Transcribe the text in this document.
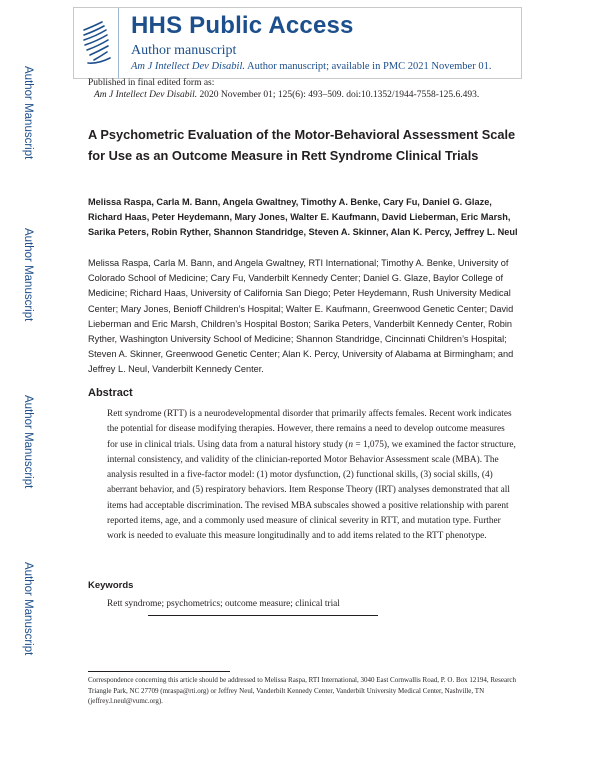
HHS Public Access
Author manuscript
Am J Intellect Dev Disabil. Author manuscript; available in PMC 2021 November 01.
Author Manuscript
Author Manuscript
Author Manuscript
Author Manuscript
Published in final edited form as:
Am J Intellect Dev Disabil. 2020 November 01; 125(6): 493–509. doi:10.1352/1944-7558-125.6.493.
A Psychometric Evaluation of the Motor-Behavioral Assessment Scale for Use as an Outcome Measure in Rett Syndrome Clinical Trials
Melissa Raspa, Carla M. Bann, Angela Gwaltney, Timothy A. Benke, Cary Fu, Daniel G. Glaze, Richard Haas, Peter Heydemann, Mary Jones, Walter E. Kaufmann, David Lieberman, Eric Marsh, Sarika Peters, Robin Ryther, Shannon Standridge, Steven A. Skinner, Alan K. Percy, Jeffrey L. Neul
Melissa Raspa, Carla M. Bann, and Angela Gwaltney, RTI International; Timothy A. Benke, University of Colorado School of Medicine; Cary Fu, Vanderbilt Kennedy Center; Daniel G. Glaze, Baylor College of Medicine; Richard Haas, University of California San Diego; Peter Heydemann, Rush University Medical Center; Mary Jones, Benioff Children’s Hospital; Walter E. Kaufmann, Greenwood Genetic Center; David Lieberman and Eric Marsh, Children’s Hospital Boston; Sarika Peters, Vanderbilt Kennedy Center, Robin Ryther, Washington University School of Medicine; Shannon Standridge, Cincinnati Children’s Hospital; Steven A. Skinner, Greenwood Genetic Center; Alan K. Percy, University of Alabama at Birmingham; and Jeffrey L. Neul, Vanderbilt Kennedy Center.
Abstract
Rett syndrome (RTT) is a neurodevelopmental disorder that primarily affects females. Recent work indicates the potential for disease modifying therapies. However, there remains a need to develop outcome measures for use in clinical trials. Using data from a natural history study (n = 1,075), we examined the factor structure, internal consistency, and validity of the clinician-reported Motor Behavior Assessment scale (MBA). The analysis resulted in a five-factor model: (1) motor dysfunction, (2) functional skills, (3) social skills, (4) aberrant behavior, and (5) respiratory behaviors. Item Response Theory (IRT) analyses demonstrated that all items had acceptable discrimination. The revised MBA subscales showed a positive relationship with parent reported items, age, and a commonly used measure of clinical severity in RTT, and mutation type. Further work is needed to evaluate this measure longitudinally and to add items related to the RTT phenotype.
Keywords
Rett syndrome; psychometrics; outcome measure; clinical trial
Correspondence concerning this article should be addressed to Melissa Raspa, RTI International, 3040 East Cornwallis Road, P. O. Box 12194, Research Triangle Park, NC 27709 (mraspa@rti.org) or Jeffrey Neul, Vanderbilt Kennedy Center, Vanderbilt University Medical Center, Nashville, TN (jeffrey.l.neul@vumc.org).
